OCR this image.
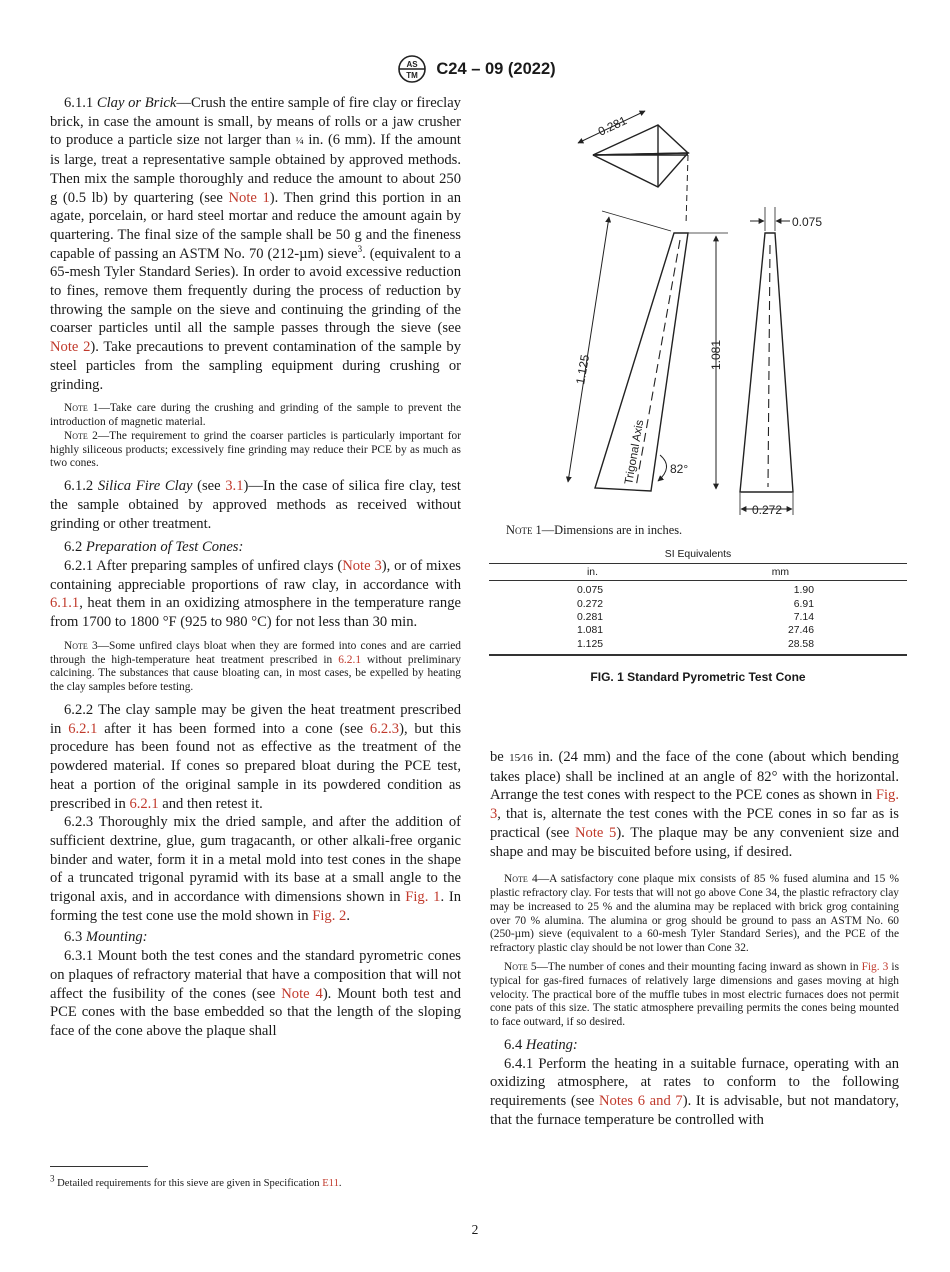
AS
TM C24 – 09 (2022)

6.1.1 Clay or Brick—Crush the entire sample of fire clay or fireclay brick, in case the amount is small, by means of rolls or a jaw crusher to produce a particle size not larger than ¼ in. (6 mm). If the amount is large, treat a representative sample obtained by approved methods. Then mix the sample thoroughly and reduce the amount to about 250 g (0.5 lb) by quartering (see Note 1). Then grind this portion in an agate, porcelain, or hard steel mortar and reduce the amount again by quartering. The final size of the sample shall be 50 g and the fineness capable of passing an ASTM No. 70 (212-µm) sieve$^3$. (equivalent to a 65-mesh Tyler Standard Series). In order to avoid excessive reduction to fines, remove them frequently during the process of reduction by throwing the sample on the sieve and continuing the grinding of the coarser particles until all the sample passes through the sieve (see Note 2). Take precautions to prevent contamination of the sample by steel particles from the sampling equipment during crushing or grinding.

Note 1—Take care during the crushing and grinding of the sample to prevent the introduction of magnetic material.

Note 2—The requirement to grind the coarser particles is particularly important for highly siliceous products; excessively fine grinding may reduce their PCE by as much as two cones.

6.1.2 Silica Fire Clay (see 3.1)—In the case of silica fire clay, test the sample obtained by approved methods as received without grinding or other treatment.

6.2 Preparation of Test Cones:

6.2.1 After preparing samples of unfired clays (Note 3), or of mixes containing appreciable proportions of raw clay, in accordance with 6.1.1, heat them in an oxidizing atmosphere in the temperature range from 1700 to 1800 °F (925 to 980 °C) for not less than 30 min.

Note 3—Some unfired clays bloat when they are formed into cones and are carried through the high-temperature heat treatment prescribed in 6.2.1 without preliminary calcining. The substances that cause bloating can, in most cases, be expelled by heating the clay samples before testing.

6.2.2 The clay sample may be given the heat treatment prescribed in 6.2.1 after it has been formed into a cone (see 6.2.3), but this procedure has been found not as effective as the treatment of the powdered material. If cones so prepared bloat during the PCE test, heat a portion of the original sample in its powdered condition as prescribed in 6.2.1 and then retest it.

6.2.3 Thoroughly mix the dried sample, and after the addition of sufficient dextrine, glue, gum tragacanth, or other alkali-free organic binder and water, form it in a metal mold into test cones in the shape of a truncated trigonal pyramid with its base at a small angle to the trigonal axis, and in accordance with dimensions shown in Fig. 1. In forming the test cone use the mold shown in Fig. 2.

6.3 Mounting:

6.3.1 Mount both the test cones and the standard pyrometric cones on plaques of refractory material that have a composition that will not affect the fusibility of the cones (see Note 4). Mount both test and PCE cones with the base embedded so that the length of the sloping face of the cone above the plaque shall

0.281
0.075
1.081
1.125
Trigonal Axis 82°
0.272
Note 1—Dimensions are in inches.
SI Equivalents	
in.	mm
0.075	1.90
0.272	6.91
0.281	7.14
1.081	27.46
1.125	28.58
FIG. 1 Standard Pyrometric Test Cone

be 15⁄16 in. (24 mm) and the face of the cone (about which bending takes place) shall be inclined at an angle of 82° with the horizontal. Arrange the test cones with respect to the PCE cones as shown in Fig. 3, that is, alternate the test cones with the PCE cones in so far as is practical (see Note 5). The plaque may be any convenient size and shape and may be biscuited before using, if desired.

Note 4—A satisfactory cone plaque mix consists of 85 % fused alumina and 15 % plastic refractory clay. For tests that will not go above Cone 34, the plastic refractory clay may be increased to 25 % and the alumina may be replaced with brick grog containing over 70 % alumina. The alumina or grog should be ground to pass an ASTM No. 60 (250-µm) sieve (equivalent to a 60-mesh Tyler Standard Series), and the PCE of the refractory plastic clay should be not lower than Cone 32.

Note 5—The number of cones and their mounting facing inward as shown in Fig. 3 is typical for gas-fired furnaces of relatively large dimensions and gases moving at high velocity. The practical bore of the muffle tubes in most electric furnaces does not permit cone pats of this size. The static atmosphere prevailing permits the cones being mounted to face outward, if so desired.

6.4 Heating:

6.4.1 Perform the heating in a suitable furnace, operating with an oxidizing atmosphere, at rates to conform to the following requirements (see Notes 6 and 7). It is advisable, but not mandatory, that the furnace temperature be controlled with

$^3$ Detailed requirements for this sieve are given in Specification E11.
2
